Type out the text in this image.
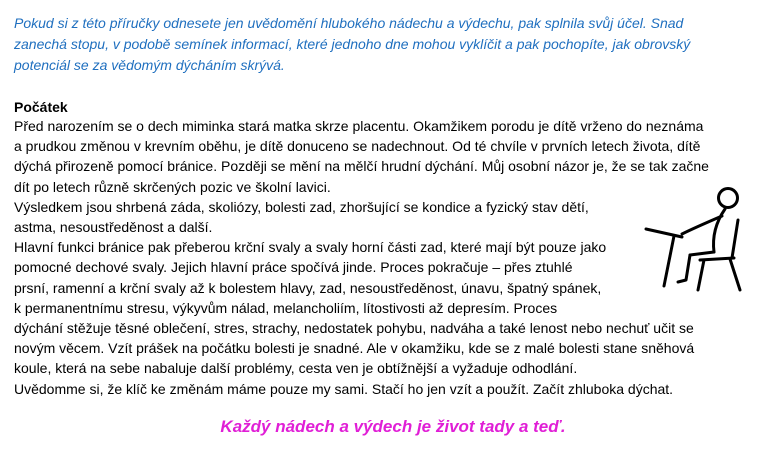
Pokud si z této příručky odnesete jen uvědomění hlubokého nádechu a výdechu, pak splnila svůj účel. Snad
zanechá stopu, v podobě semínek informací, které jednoho dne mohou vyklíčit a pak pochopíte, jak obrovský
potenciál se za vědomým dýcháním skrývá.
Počátek
Před narozením se o dech miminka stará matka skrze placentu. Okamžikem porodu je dítě vrženo do neznáma
a prudkou změnou v krevním oběhu, je dítě donuceno se nadechnout. Od té chvíle v prvních letech života, dítě
dýchá přirozeně pomocí bránice. Později se mění na mělčí hrudní dýchání. Můj osobní názor je, že se tak začne
dít po letech různě skrčených pozic ve školní lavici.
Výsledkem jsou shrbená záda, skoliózy, bolesti zad, zhoršující se kondice a fyzický stav dětí,
astma, nesoustředěnost a další.
Hlavní funkci bránice pak přeberou krční svaly a svaly horní části zad, které mají být pouze jako
pomocné dechové svaly. Jejich hlavní práce spočívá jinde. Proces pokračuje – přes ztuhlé
prsní, ramenní a krční svaly až k bolestem hlavy, zad, nesoustředěnost, únavu, špatný spánek,
k permanentnímu stresu, výkyvům nálad, melancholiím, lítostivosti až depresím. Proces
dýchání stěžuje těsné oblečení, stres, strachy, nedostatek pohybu, nadváha a také lenost nebo nechuť učit se
novým věcem. Vzít prášek na počátku bolesti je snadné. Ale v okamžiku, kde se z malé bolesti stane sněhová
koule, která na sebe nabaluje další problémy, cesta ven je obtížnější a vyžaduje odhodlání.
Uvědomme si, že klíč ke změnám máme pouze my sami. Stačí ho jen vzít a použít. Začít zhluboka dýchat.
Každý nádech a výdech je život tady a teď.
